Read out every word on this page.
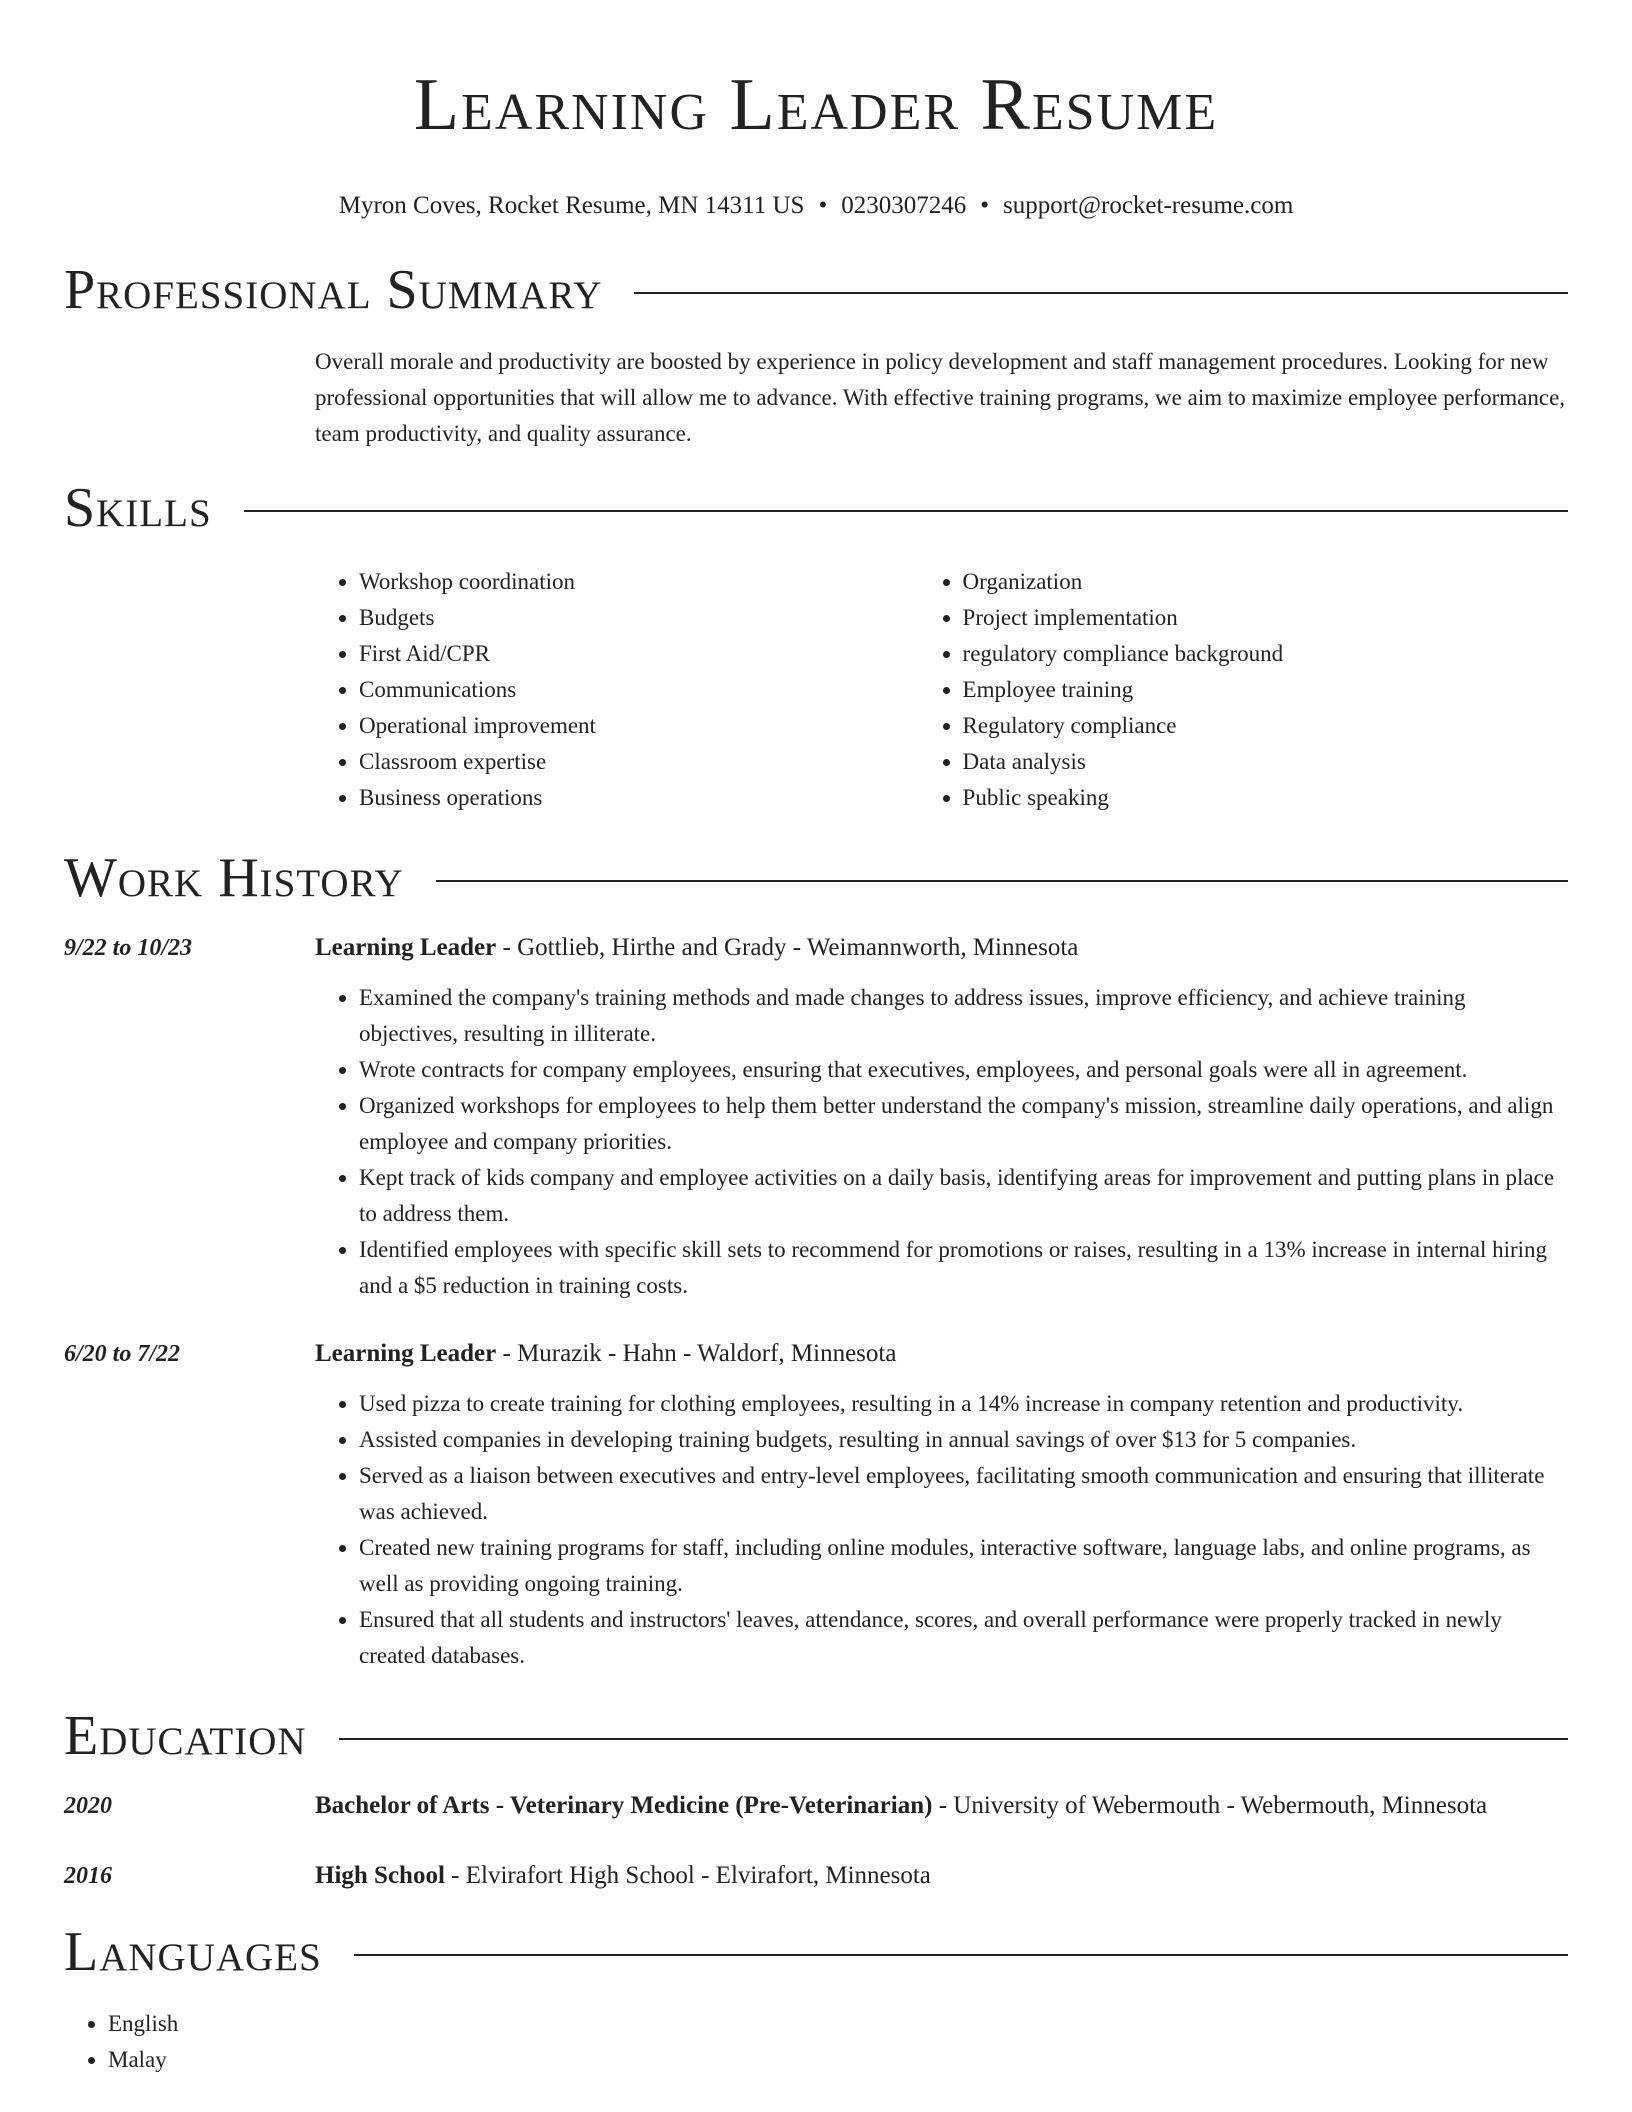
Learning Leader Resume
Myron Coves, Rocket Resume, MN 14311 US • 0230307246 • support@rocket-resume.com
Professional Summary
Overall morale and productivity are boosted by experience in policy development and staff management procedures. Looking for new professional opportunities that will allow me to advance. With effective training programs, we aim to maximize employee performance, team productivity, and quality assurance.
Skills
• Workshop coordination
• Budgets
• First Aid/CPR
• Communications
• Operational improvement
• Classroom expertise
• Business operations
• Organization
• Project implementation
• regulatory compliance background
• Employee training
• Regulatory compliance
• Data analysis
• Public speaking
Work History
9/22 to 10/23	Learning Leader - Gottlieb, Hirthe and Grady - Weimannworth, Minnesota
• Examined the company's training methods and made changes to address issues, improve efficiency, and achieve training objectives, resulting in illiterate.
• Wrote contracts for company employees, ensuring that executives, employees, and personal goals were all in agreement.
• Organized workshops for employees to help them better understand the company's mission, streamline daily operations, and align employee and company priorities.
• Kept track of kids company and employee activities on a daily basis, identifying areas for improvement and putting plans in place to address them.
• Identified employees with specific skill sets to recommend for promotions or raises, resulting in a 13% increase in internal hiring and a $5 reduction in training costs.
6/20 to 7/22	Learning Leader - Murazik - Hahn - Waldorf, Minnesota
• Used pizza to create training for clothing employees, resulting in a 14% increase in company retention and productivity.
• Assisted companies in developing training budgets, resulting in annual savings of over $13 for 5 companies.
• Served as a liaison between executives and entry-level employees, facilitating smooth communication and ensuring that illiterate was achieved.
• Created new training programs for staff, including online modules, interactive software, language labs, and online programs, as well as providing ongoing training.
• Ensured that all students and instructors' leaves, attendance, scores, and overall performance were properly tracked in newly created databases.
Education
2020	Bachelor of Arts - Veterinary Medicine (Pre-Veterinarian) - University of Webermouth - Webermouth, Minnesota
2016	High School - Elvirafort High School - Elvirafort, Minnesota
Languages
• English
• Malay
